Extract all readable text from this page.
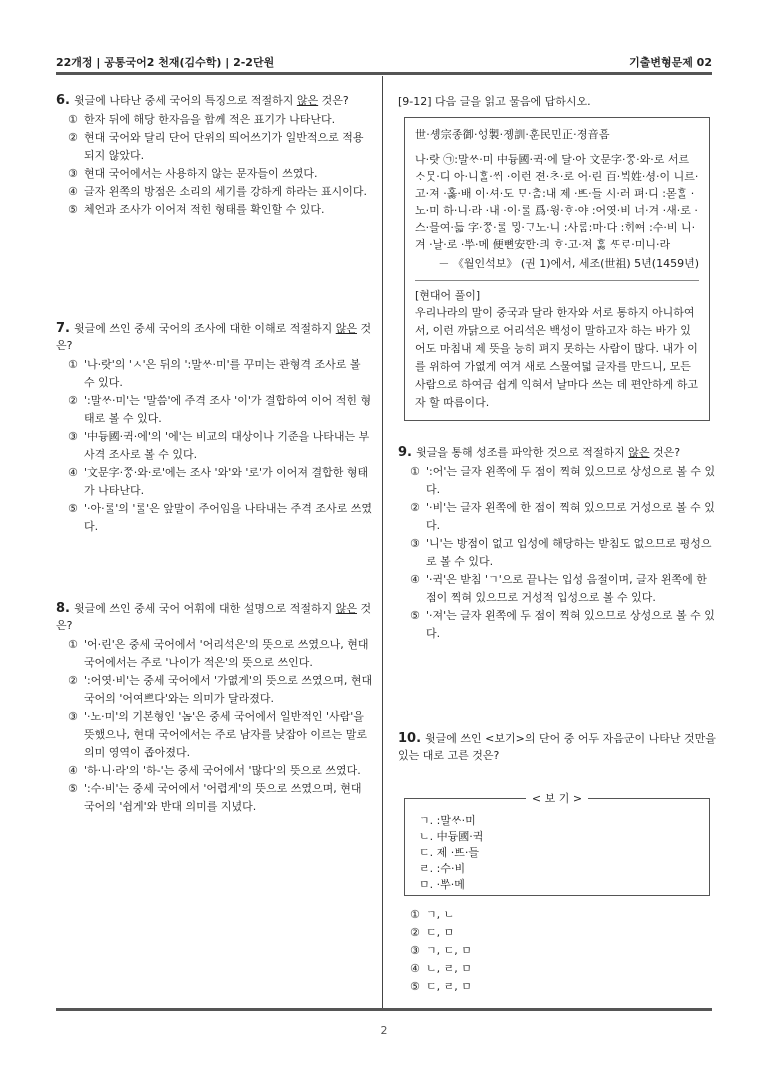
22개정 | 공통국어2 천재(김수학) | 2-2단원	기출변형문제 02
6. 윗글에 나타난 중세 국어의 특징으로 적절하지 않은 것은?
① 한자 뒤에 해당 한자음을 함께 적은 표기가 나타난다.
② 현대 국어와 달리 단어 단위의 띄어쓰기가 일반적으로 적용되지 않았다.
③ 현대 국어에서는 사용하지 않는 문자들이 쓰였다.
④ 글자 왼쪽의 방점은 소리의 세기를 강하게 하라는 표시이다.
⑤ 체언과 조사가 이어져 적힌 형태를 확인할 수 있다.
7. 윗글에 쓰인 중세 국어의 조사에 대한 이해로 적절하지 않은 것은?
① '나·랏'의 'ㅅ'은 뒤의 ':말ᄊᆞ·미'를 꾸미는 관형격 조사로 볼 수 있다.
② ':말ᄊᆞ·미'는 '말씀'에 주격 조사 '이'가 결합하여 이어 적힌 형태로 볼 수 있다.
③ '中듕國·귁·에'의 '에'는 비교의 대상이나 기준을 나타내는 부사격 조사로 볼 수 있다.
④ '文문字·ᄍᆞᆼ·와·로'에는 조사 '와'와 '로'가 이어져 결합한 형태가 나타난다.
⑤ '·아·ᄅᆞᆯ'의 'ᄅᆞᆯ'은 앞말이 주어임을 나타내는 주격 조사로 쓰였다.
8. 윗글에 쓰인 중세 국어 어휘에 대한 설명으로 적절하지 않은 것은?
① '어·린'은 중세 국어에서 '어리석은'의 뜻으로 쓰였으나, 현대 국어에서는 주로 '나이가 적은'의 뜻으로 쓰인다.
② ':어엿·비'는 중세 국어에서 '가엾게'의 뜻으로 쓰였으며, 현대 국어의 '어여쁘다'와는 의미가 달라졌다.
③ '·노·미'의 기본형인 '놈'은 중세 국어에서 일반적인 '사람'을 뜻했으나, 현대 국어에서는 주로 남자를 낮잡아 이르는 말로 의미 영역이 좁아졌다.
④ '하·니·라'의 '하-'는 중세 국어에서 '많다'의 뜻으로 쓰였다.
⑤ ':수·비'는 중세 국어에서 '어렵게'의 뜻으로 쓰였으며, 현대 국어의 '쉽게'와 반대 의미를 지녔다.
[9-12] 다음 글을 읽고 물음에 답하시오.
世·솅宗종御·ᅌᅥᆼ製·졩訓·훈民민正·졍音ᅙᅳᆷ
나·랏 ㉠:말ᄊᆞ·미 中듕國·귁·에 달·아 文문字·ᄍᆞᆼ·와·로 서르 ᄉᆞᄆᆞᆺ·디 아·니ᄒᆞᆯ·ᄊᆡ ·이런 젼·ᄎᆞ·로 어·린 百·ᄇᆡᆨ姓·셩·이 니르·고·져 ·홇·배 이·셔·도 ᄆᆞ·ᄎᆞᆷ:내 제 ·ᄠᅳ·들 시·러 펴·디 :몯ᄒᆞᆯ ·노·미 하·니·라 ·내 ·이·ᄅᆞᆯ 爲·윙·ᄒᆞ·야 :어엿·비 너·겨 ·새·로 ·스·믈여·듧 字·ᄍᆞᆼ·ᄅᆞᆯ ᄆᆡᇰ·ᄀᆞ노·니 :사ᄅᆞᆷ:마·다 :ᄒᆡᅇᅧ :수·비 니·겨 ·날·로 ·ᄡᅮ·메 便뼌安ᅙᅡᆫ·킈 ᄒᆞ·고·져 ᄒᆞᇙ ᄯᆞᄅᆞ·미니·라
－ 《월인석보》 (권 1)에서, 세조(世祖) 5년(1459년)
[현대어 풀이]
우리나라의 말이 중국과 달라 한자와 서로 통하지 아니하여서, 이런 까닭으로 어리석은 백성이 말하고자 하는 바가 있어도 마침내 제 뜻을 능히 펴지 못하는 사람이 많다. 내가 이를 위하여 가엾게 여겨 새로 스물여덟 글자를 만드니, 모든 사람으로 하여금 쉽게 익혀서 날마다 쓰는 데 편안하게 하고자 할 따름이다.
9. 윗글을 통해 성조를 파악한 것으로 적절하지 않은 것은?
① ':어'는 글자 왼쪽에 두 점이 찍혀 있으므로 상성으로 볼 수 있다.
② '·비'는 글자 왼쪽에 한 점이 찍혀 있으므로 거성으로 볼 수 있다.
③ '니'는 방점이 없고 입성에 해당하는 받침도 없으므로 평성으로 볼 수 있다.
④ '·귁'은 받침 'ㄱ'으로 끝나는 입성 음절이며, 글자 왼쪽에 한 점이 찍혀 있으므로 거성적 입성으로 볼 수 있다.
⑤ '·져'는 글자 왼쪽에 두 점이 찍혀 있으므로 상성으로 볼 수 있다.
10. 윗글에 쓰인 <보기>의 단어 중 어두 자음군이 나타난 것만을 있는 대로 고른 것은?
< 보 기 >
ㄱ. :말ᄊᆞ·미
ㄴ. 中듕國·귁
ㄷ. 제 ·ᄠᅳ·들
ㄹ. :수·비
ㅁ. ·ᄡᅮ·메
① ㄱ, ㄴ
② ㄷ, ㅁ
③ ㄱ, ㄷ, ㅁ
④ ㄴ, ㄹ, ㅁ
⑤ ㄷ, ㄹ, ㅁ
2
